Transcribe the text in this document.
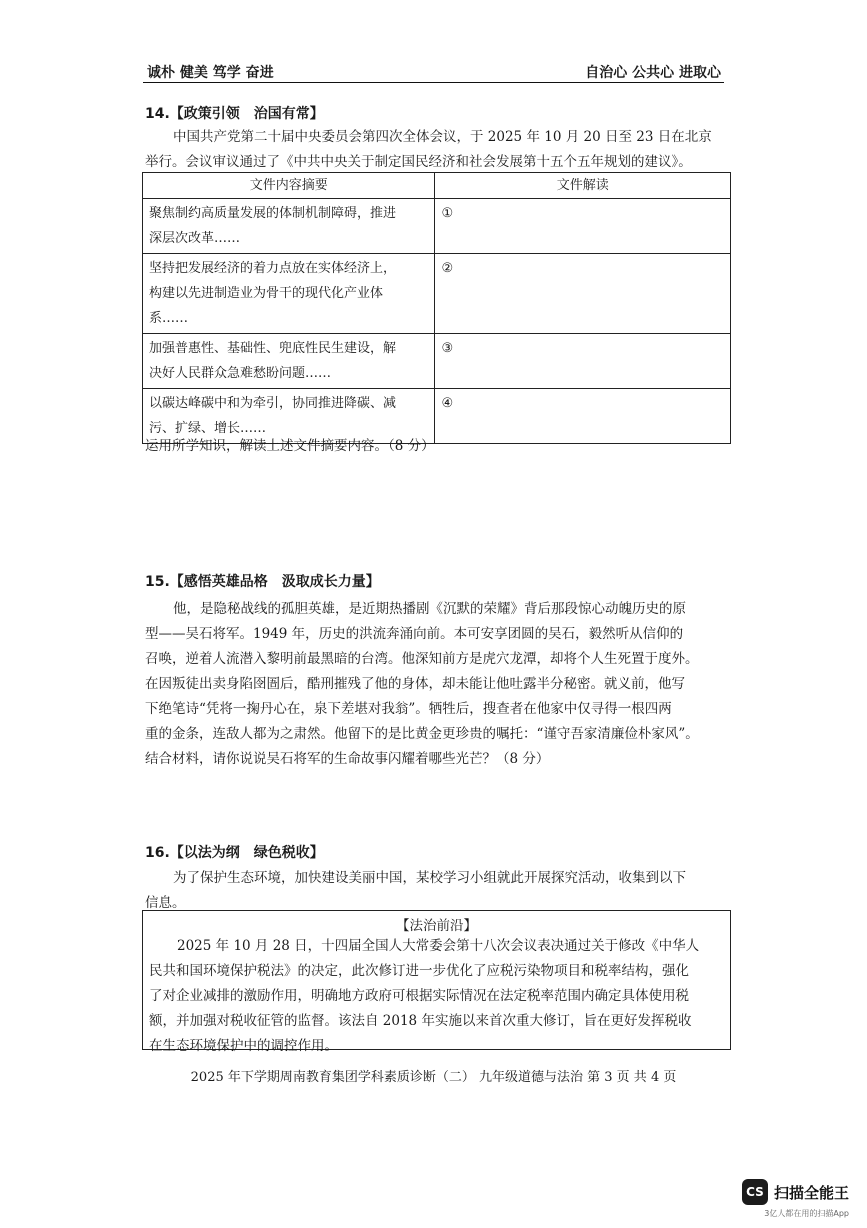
诚朴 健美 笃学 奋进	自治心 公共心 进取心
14.【政策引领　治国有常】
中国共产党第二十届中央委员会第四次全体会议，于 2025 年 10 月 20 日至 23 日在北京
举行。会议审议通过了《中共中央关于制定国民经济和社会发展第十五个五年规划的建议》。
文件内容摘要	文件解读

聚焦制约高质量发展的体制机制障碍，推进
深层次改革……	①

坚持把发展经济的着力点放在实体经济上，
构建以先进制造业为骨干的现代化产业体
系……	②

加强普惠性、基础性、兜底性民生建设，解
决好人民群众急难愁盼问题……	③

以碳达峰碳中和为牵引，协同推进降碳、减
污、扩绿、增长……	④
运用所学知识，解读上述文件摘要内容。（8 分）
15.【感悟英雄品格　汲取成长力量】
他，是隐秘战线的孤胆英雄，是近期热播剧《沉默的荣耀》背后那段惊心动魄历史的原
型——吴石将军。1949 年，历史的洪流奔涌向前。本可安享团圆的吴石，毅然听从信仰的
召唤，逆着人流潜入黎明前最黑暗的台湾。他深知前方是虎穴龙潭，却将个人生死置于度外。
在因叛徒出卖身陷囹圄后，酷刑摧残了他的身体，却未能让他吐露半分秘密。就义前，他写
下绝笔诗“凭将一掬丹心在，泉下差堪对我翁”。牺牲后，搜查者在他家中仅寻得一根四两
重的金条，连敌人都为之肃然。他留下的是比黄金更珍贵的嘱托：“谨守吾家清廉俭朴家风”。
结合材料，请你说说吴石将军的生命故事闪耀着哪些光芒？（8 分）
16.【以法为纲　绿色税收】
为了保护生态环境，加快建设美丽中国，某校学习小组就此开展探究活动，收集到以下
信息。
【法治前沿】
2025 年 10 月 28 日，十四届全国人大常委会第十八次会议表决通过关于修改《中华人
民共和国环境保护税法》的决定，此次修订进一步优化了应税污染物项目和税率结构，强化
了对企业减排的激励作用，明确地方政府可根据实际情况在法定税率范围内确定具体使用税
额，并加强对税收征管的监督。该法自 2018 年实施以来首次重大修订，旨在更好发挥税收
在生态环境保护中的调控作用。
2025 年下学期周南教育集团学科素质诊断（二） 九年级道德与法治 第 3 页 共 4 页
CS 扫描全能王
3亿人都在用的扫描App
